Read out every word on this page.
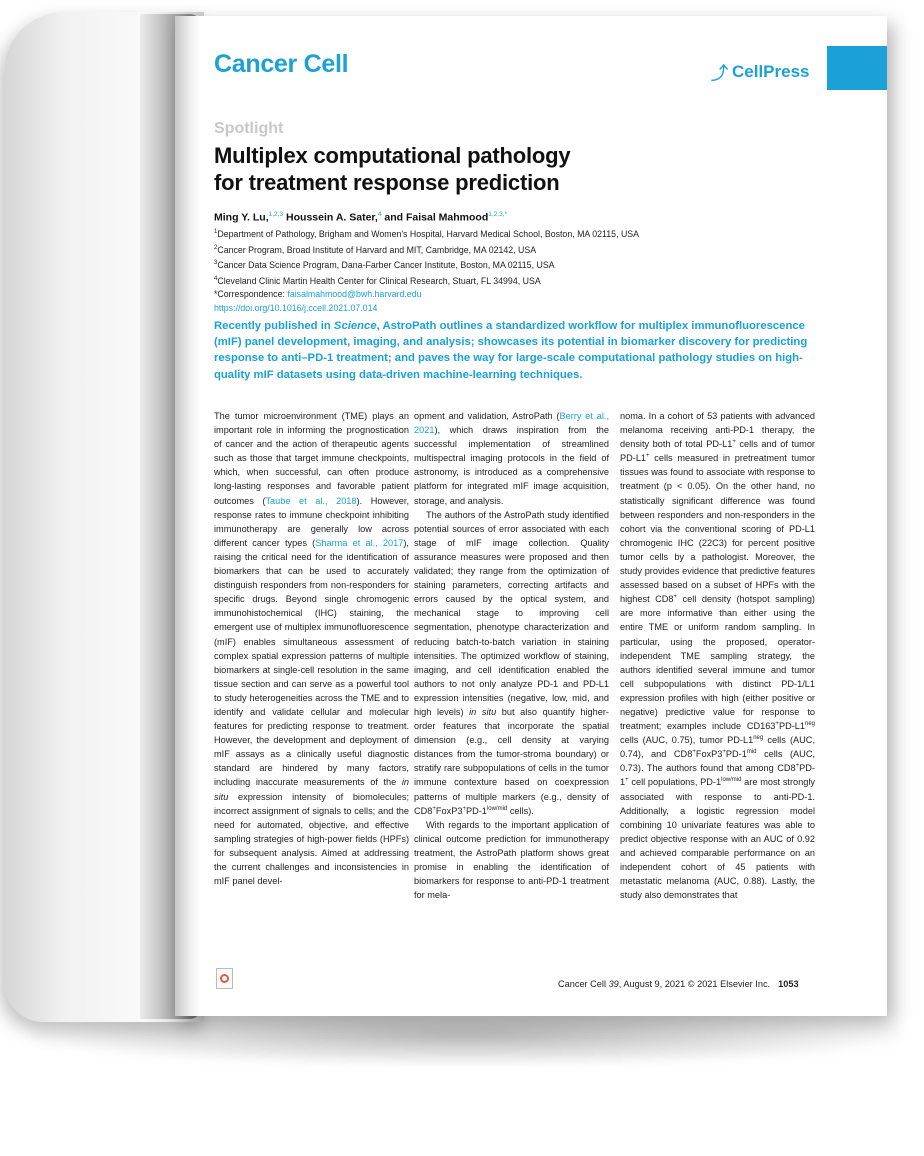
Cancer Cell	⤴ CellPress
Spotlight
Multiplex computational pathology
for treatment response prediction
Ming Y. Lu,$^{1,2,3}$ Houssein A. Sater,$^4$ and Faisal Mahmood$^{1,2,3,*}$
$^1$Department of Pathology, Brigham and Women's Hospital, Harvard Medical School, Boston, MA 02115, USA
$^2$Cancer Program, Broad Institute of Harvard and MIT, Cambridge, MA 02142, USA
$^3$Cancer Data Science Program, Dana-Farber Cancer Institute, Boston, MA 02115, USA
$^4$Cleveland Clinic Martin Health Center for Clinical Research, Stuart, FL 34994, USA
*Correspondence: faisalmahmood@bwh.harvard.edu
https://doi.org/10.1016/j.ccell.2021.07.014
Recently published in Science, AstroPath outlines a standardized workflow for multiplex immunofluorescence (mIF) panel development, imaging, and analysis; showcases its potential in biomarker discovery for predicting response to anti–PD-1 treatment; and paves the way for large-scale computational pathology studies on high-quality mIF datasets using data-driven machine-learning techniques.

The tumor microenvironment (TME) plays an important role in informing the prognostication of cancer and the action of therapeutic agents such as those that target immune checkpoints, which, when successful, can often produce long-lasting responses and favorable patient outcomes (Taube et al., 2018). However, response rates to immune checkpoint inhibiting immunotherapy are generally low across different cancer types (Sharma et al., 2017), raising the critical need for the identification of biomarkers that can be used to accurately distinguish responders from non-responders for specific drugs. Beyond single chromogenic immunohistochemical (IHC) staining, the emergent use of multiplex immunofluorescence (mIF) enables simultaneous assessment of complex spatial expression patterns of multiple biomarkers at single-cell resolution in the same tissue section and can serve as a powerful tool to study heterogeneities across the TME and to identify and validate cellular and molecular features for predicting response to treatment. However, the development and deployment of mIF assays as a clinically useful diagnostic standard are hindered by many factors, including inaccurate measurements of the in situ expression intensity of biomolecules; incorrect assignment of signals to cells; and the need for automated, objective, and effective sampling strategies of high-power fields (HPFs) for subsequent analysis. Aimed at addressing the current challenges and inconsistencies in mIF panel devel-

opment and validation, AstroPath (Berry et al., 2021), which draws inspiration from the successful implementation of streamlined multispectral imaging protocols in the field of astronomy, is introduced as a comprehensive platform for integrated mIF image acquisition, storage, and analysis.

The authors of the AstroPath study identified potential sources of error associated with each stage of mIF image collection. Quality assurance measures were proposed and then validated; they range from the optimization of staining parameters, correcting artifacts and errors caused by the optical system, and mechanical stage to improving cell segmentation, phenotype characterization and reducing batch-to-batch variation in staining intensities. The optimized workflow of staining, imaging, and cell identification enabled the authors to not only analyze PD-1 and PD-L1 expression intensities (negative, low, mid, and high levels) in situ but also quantify higher-order features that incorporate the spatial dimension (e.g., cell density at varying distances from the tumor-stroma boundary) or stratify rare subpopulations of cells in the tumor immune contexture based on coexpression patterns of multiple markers (e.g., density of $CD8^+FoxP3^+PD-1^{low/mid}$ cells).

With regards to the important application of clinical outcome prediction for immunotherapy treatment, the AstroPath platform shows great promise in enabling the identification of biomarkers for response to anti-PD-1 treatment for mela-

noma. In a cohort of 53 patients with advanced melanoma receiving anti-PD-1 therapy, the density both of total PD-L1+ cells and of tumor PD-L1+ cells measured in pretreatment tumor tissues was found to associate with response to treatment (p < 0.05). On the other hand, no statistically significant difference was found between responders and non-responders in the cohort via the conventional scoring of PD-L1 chromogenic IHC (22C3) for percent positive tumor cells by a pathologist. Moreover, the study provides evidence that predictive features assessed based on a subset of HPFs with the highest CD8+ cell density (hotspot sampling) are more informative than either using the entire TME or uniform random sampling. In particular, using the proposed, operator-independent TME sampling strategy, the authors identified several immune and tumor cell subpopulations with distinct PD-1/L1 expression profiles with high (either positive or negative) predictive value for response to treatment; examples include $CD163^+PD-L1^{neg}$ cells (AUC, 0.75), tumor $PD-L1^{neg}$ cells (AUC, 0.74), and $CD8^+FoxP3^+PD-1^{mid}$ cells (AUC, 0.73). The authors found that among CD8+PD-1+ cell populations, $PD-1^{low/mid}$ are most strongly associated with response to anti-PD-1. Additionally, a logistic regression model combining 10 univariate features was able to predict objective response with an AUC of 0.92 and achieved comparable performance on an independent cohort of 45 patients with metastatic melanoma (AUC, 0.88). Lastly, the study also demonstrates that

Cancer Cell 39, August 9, 2021 © 2021 Elsevier Inc. 1053
